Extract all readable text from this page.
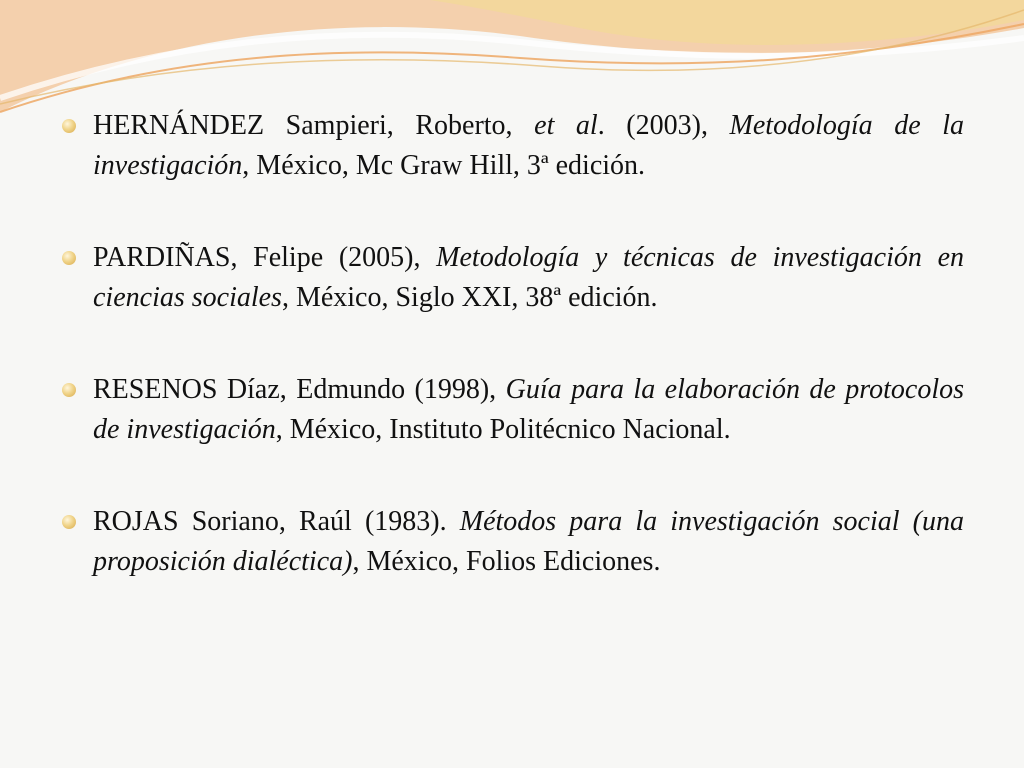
HERNÁNDEZ Sampieri, Roberto, et al. (2003), Metodología de la investigación, México, Mc Graw Hill, 3ª edición.
PARDIÑAS, Felipe (2005), Metodología y técnicas de investigación en ciencias sociales, México, Siglo XXI, 38ª edición.
RESENOS Díaz, Edmundo (1998), Guía para la elaboración de protocolos de investigación, México, Instituto Politécnico Nacional.
ROJAS Soriano, Raúl (1983). Métodos para la investigación social (una proposición dialéctica), México, Folios Ediciones.
